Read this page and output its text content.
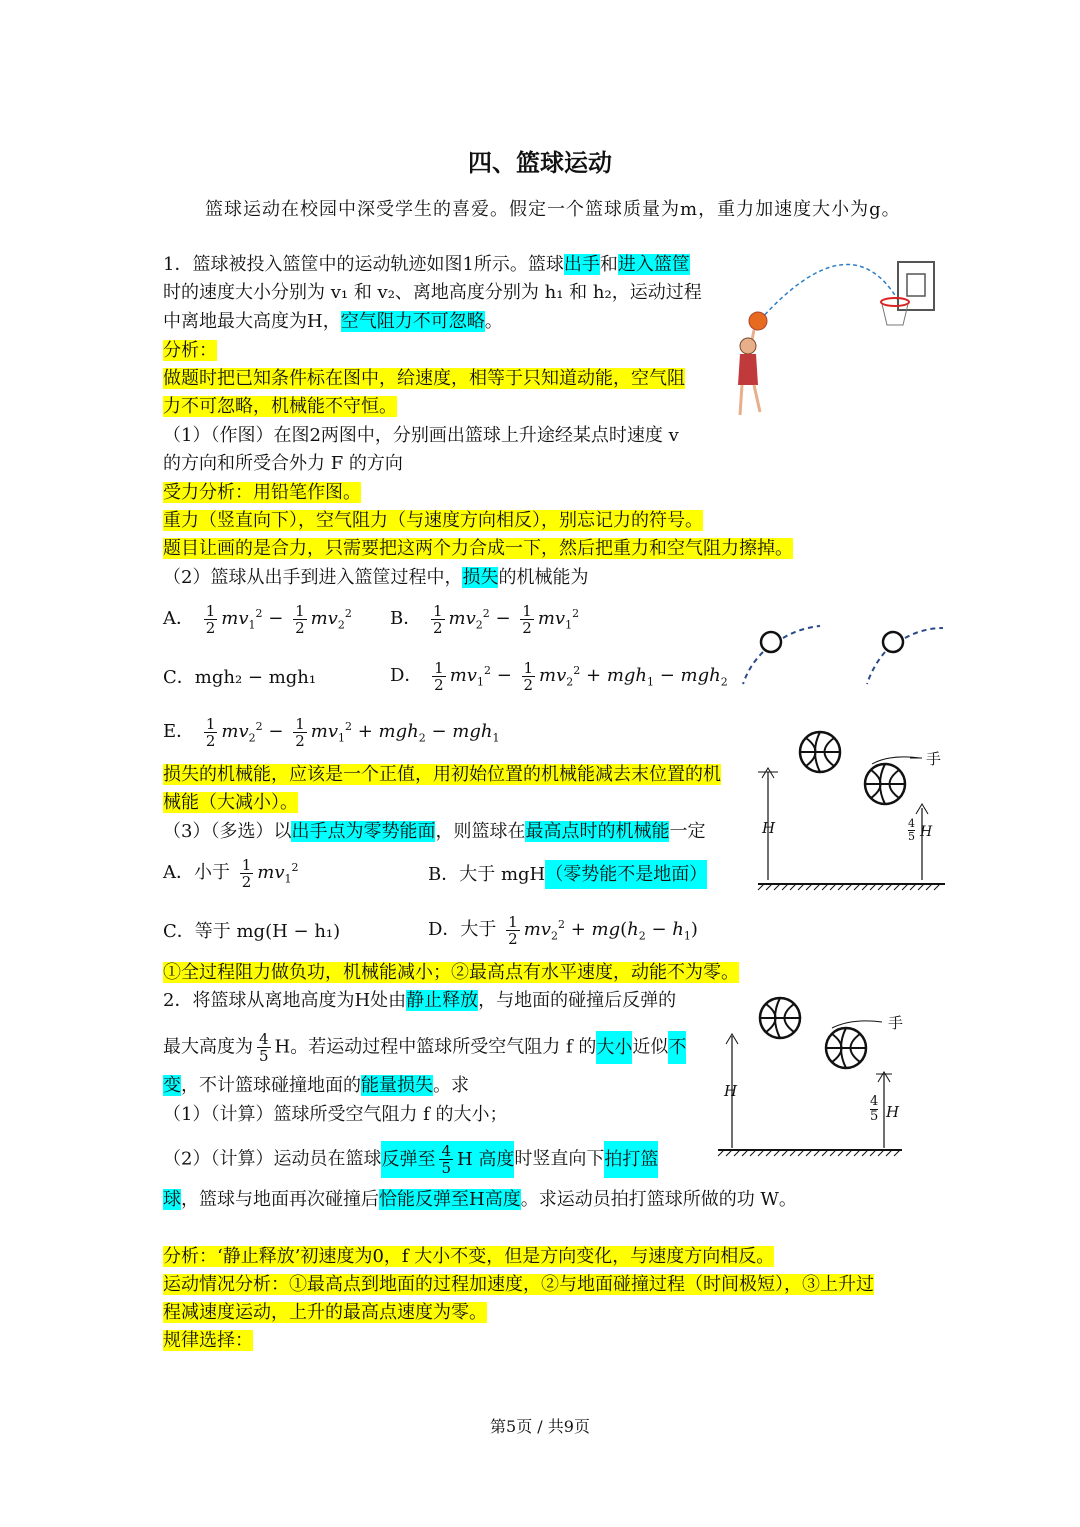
四、篮球运动
篮球运动在校园中深受学生的喜爱。假定一个篮球质量为m，重力加速度大小为g。
1．篮球被投入篮筐中的运动轨迹如图1所示。篮球出手和进入篮筐
时的速度大小分别为 v₁ 和 v₂、离地高度分别为 h₁ 和 h₂，运动过程
中离地最大高度为H，空气阻力不可忽略。
分析：
做题时把已知条件标在图中，给速度，相等于只知道动能，空气阻
力不可忽略，机械能不守恒。
（1）（作图）在图2两图中，分别画出篮球上升途经某点时速度 v
的方向和所受合外力 F 的方向
受力分析：用铅笔作图。
重力（竖直向下），空气阻力（与速度方向相反），别忘记力的符号。
题目让画的是合力，只需要把这两个力合成一下，然后把重力和空气阻力擦掉。
（2）篮球从出手到进入篮筐过程中，损失的机械能为
A． $\frac{1}{2} mv_1^2 - \frac{1}{2} mv_2^2$ B． $\frac{1}{2} mv_2^2 - \frac{1}{2} mv_1^2$
C．mgh₂ − mgh₁	D． $\frac{1}{2} mv_1^2 - \frac{1}{2} mv_2^2 + mgh_1 - mgh_2$
E． $\frac{1}{2} mv_2^2 - \frac{1}{2} mv_1^2 + mgh_2 - mgh_1$
损失的机械能，应该是一个正值，用初始位置的机械能减去末位置的机
械能（大减小）。
（3）（多选）以出手点为零势能面，则篮球在最高点时的机械能一定
A．小于 $\frac{1}{2} mv_1^2$	B．大于 mgH（零势能不是地面）
C．等于 mg(H − h₁)	D．大于 $\frac{1}{2} mv_2^2 + mg(h_2 - h_1)$
①全过程阻力做负功，机械能减小；②最高点有水平速度，动能不为零。
2．将篮球从离地高度为H处由静止释放，与地面的碰撞后反弹的
最大高度为 $\frac{4}{5}$ H。若运动过程中篮球所受空气阻力 f 的大小近似不
变，不计篮球碰撞地面的能量损失。求
（1）（计算）篮球所受空气阻力 f 的大小；
（2）（计算）运动员在篮球反弹至 $\frac{4}{5}$ H 高度时竖直向下拍打篮
球，篮球与地面再次碰撞后恰能反弹至H高度。求运动员拍打篮球所做的功 W。
分析：‘静止释放’初速度为0，f 大小不变，但是方向变化，与速度方向相反。
运动情况分析：①最高点到地面的过程加速度，②与地面碰撞过程（时间极短），③上升过
程减速度运动，上升的最高点速度为零。
规律选择：
手
H	$\frac{4}{5}$ H
手
H
$\frac{4}{5}$ H
第5页 / 共9页
